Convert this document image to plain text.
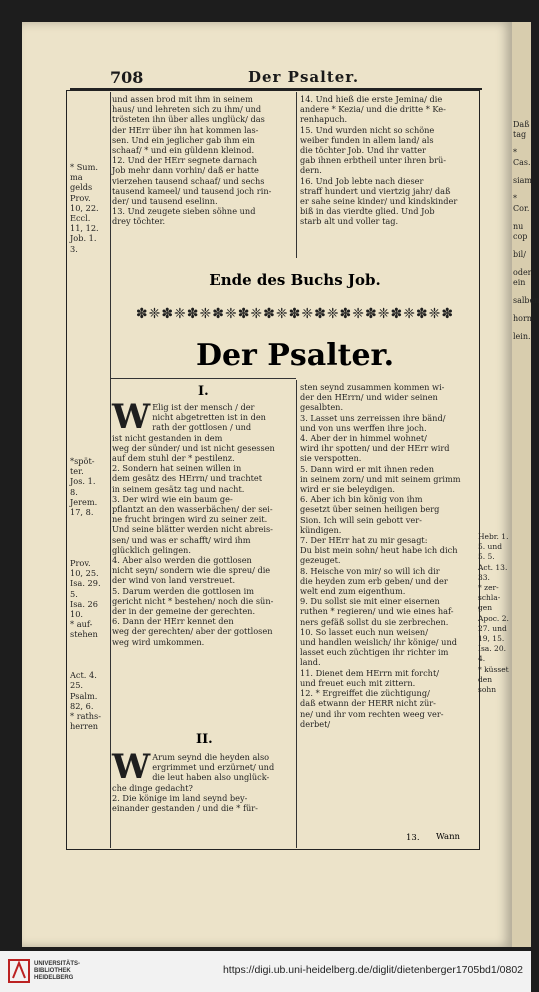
Daß tag

* Cas.

siam

* Cor.

nu cop

bil/

oder ein

salben

horn.

lein.

708	Der Psalter.

* Sum.

ma

gelds

Prov.

10, 22.

Eccl.

11, 12.

Job. 1.

3.

und assen brod mit ihm in seinem

haus/ und lehreten sich zu ihm/ und

trösteten ihn über alles unglück/ das

der HErr über ihn hat kommen las-

sen. Und ein jeglicher gab ihm ein

schaaf/ * und ein güldenn kleinod.

12. Und der HErr segnete darnach

Job mehr dann vorhin/ daß er hatte

vierzehen tausend schaaf/ und sechs

tausend kameel/ und tausend joch rin-

der/ und tausend eselinn.

13. Und zeugete sieben söhne und

drey töchter.

14. Und hieß die erste Jemina/ die

andere * Kezia/ und die dritte * Ke-

renhapuch.

15. Und wurden nicht so schöne

weiber funden in allem land/ als

die töchter Job. Und ihr vatter

gab ihnen erbtheil unter ihren brü-

dern.

16. Und Job lebte nach dieser

straff hundert und viertzig jahr/ daß

er sahe seine kinder/ und kindskinder

biß in das vierdte glied. Und Job

starb alt und voller tag.

Ende des Buchs Job.
✽❈✽❈✽❈✽❈✽❈✽❈✽❈✽❈✽❈✽❈✽❈✽❈✽
Der Psalter.
I.
W Elig ist der mensch / der

nicht abgetretten ist in den

rath der gottlosen / und

ist nicht gestanden in dem

weg der sünder/ und ist nicht gesessen

auf dem stuhl der * pestilenz.

2. Sondern hat seinen willen in

dem gesätz des HErrn/ und trachtet

in seinem gesätz tag und nacht.

3. Der wird wie ein baum ge-

pflantzt an den wasserbächen/ der sei-

ne frucht bringen wird zu seiner zeit.

Und seine blätter werden nicht abreis-

sen/ und was er schafft/ wird ihm

glücklich gelingen.

4. Aber also werden die gottlosen

nicht seyn/ sondern wie die spreu/ die

der wind von land verstreuet.

5. Darum werden die gottlosen im

gericht nicht * bestehen/ noch die sün-

der in der gemeine der gerechten.

6. Dann der HErr kennet den

weg der gerechten/ aber der gottlosen

weg wird umkommen.

II.
W Arum seynd die heyden also

ergrimmet und erzürnet/ und

die leut haben also unglück-

che dinge gedacht?

2. Die könige im land seynd bey-

einander gestanden / und die * für-

sten seynd zusammen kommen wi-

der den HErrn/ und wider seinen

gesalbten.

3. Lasset uns zerreissen ihre bänd/

und von uns werffen ihre joch.

4. Aber der in himmel wohnet/

wird ihr spotten/ und der HErr wird

sie verspotten.

5. Dann wird er mit ihnen reden

in seinem zorn/ und mit seinem grimm

wird er sie beleydigen.

6. Aber ich bin könig von ihm

gesetzt über seinen heiligen berg

Sion. Ich will sein gebott ver-

kündigen.

7. Der HErr hat zu mir gesagt:

Du bist mein sohn/ heut habe ich dich

gezeuget.

8. Heische von mir/ so will ich dir

die heyden zum erb geben/ und der

welt end zum eigenthum.

9. Du sollst sie mit einer eisernen

ruthen * regieren/ und wie eines haf-

ners gefäß sollst du sie zerbrechen.

10. So lasset euch nun weisen/

und handlen weislich/ ihr könige/ und

lasset euch züchtigen ihr richter im

land.

11. Dienet dem HErrn mit forcht/

und freuet euch mit zittern.

12. * Ergreiffet die züchtigung/

daß etwann der HERR nicht zür-

ne/ und ihr vom rechten weeg ver-

derbet/

*spöt-

ter.

Jos. 1.

8.

Jerem.

17, 8.

Prov.

10, 25.

Isa. 29.

5.

Isa. 26

10.

* auf-

stehen

Act. 4.

25.

Psalm.

82, 6.

* raths-

herren

Hebr. 1.

5. und

5. 5.

Act. 13.

33.

* zer-

schla-

gen

Apoc. 2.

27. und

19, 15.

Isa. 20.

4.

* küsset

den

sohn

13. Wann
UNIVERSITÄTS-
BIBLIOTHEK
HEIDELBERG
https://digi.ub.uni-heidelberg.de/diglit/dietenberger1705bd1/0802
